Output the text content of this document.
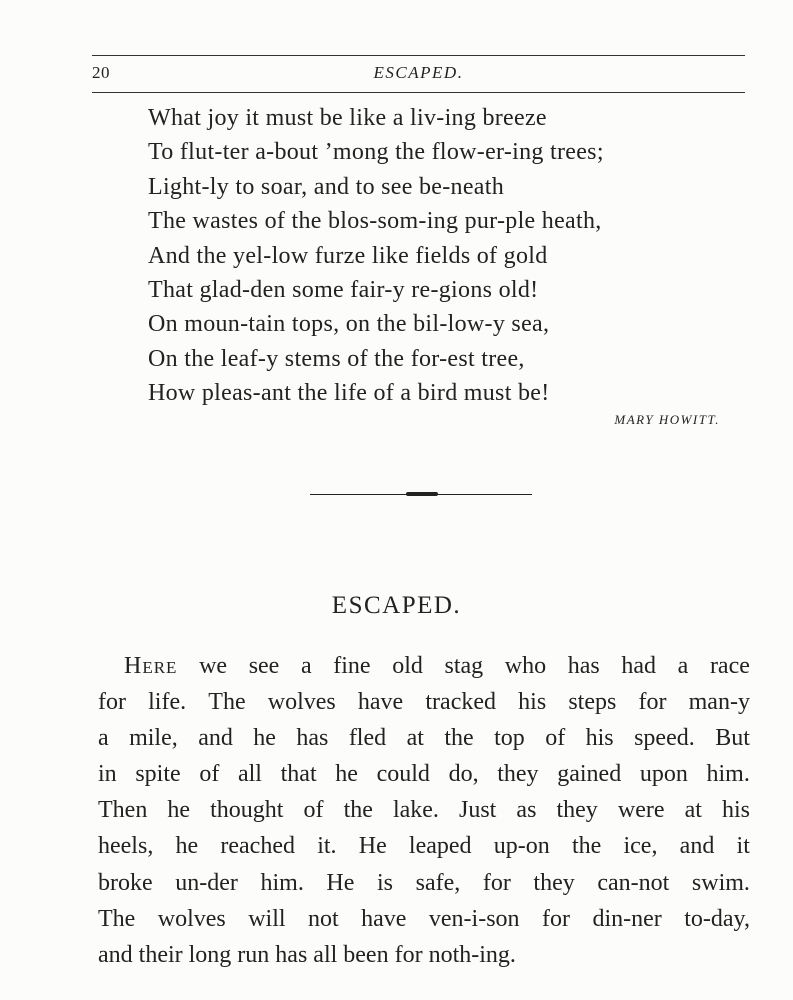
20	ESCAPED.
What joy it must be like a liv-ing breeze
To flut-ter a-bout ’mong the flow-er-ing trees;
Light-ly to soar, and to see be-neath
The wastes of the blos-som-ing pur-ple heath,
And the yel-low furze like fields of gold
That glad-den some fair-y re-gions old!
On moun-tain tops, on the bil-low-y sea,
On the leaf-y stems of the for-est tree,
How pleas-ant the life of a bird must be!
MARY HOWITT.
ESCAPED.
Here we see a fine old stag who has had a race
for life. The wolves have tracked his steps for man-y
a mile, and he has fled at the top of his speed. But
in spite of all that he could do, they gained upon him.
Then he thought of the lake. Just as they were at his
heels, he reached it. He leaped up-on the ice, and it
broke un-der him. He is safe, for they can-not swim.
The wolves will not have ven-i-son for din-ner to-day,
and their long run has all been for noth-ing.
